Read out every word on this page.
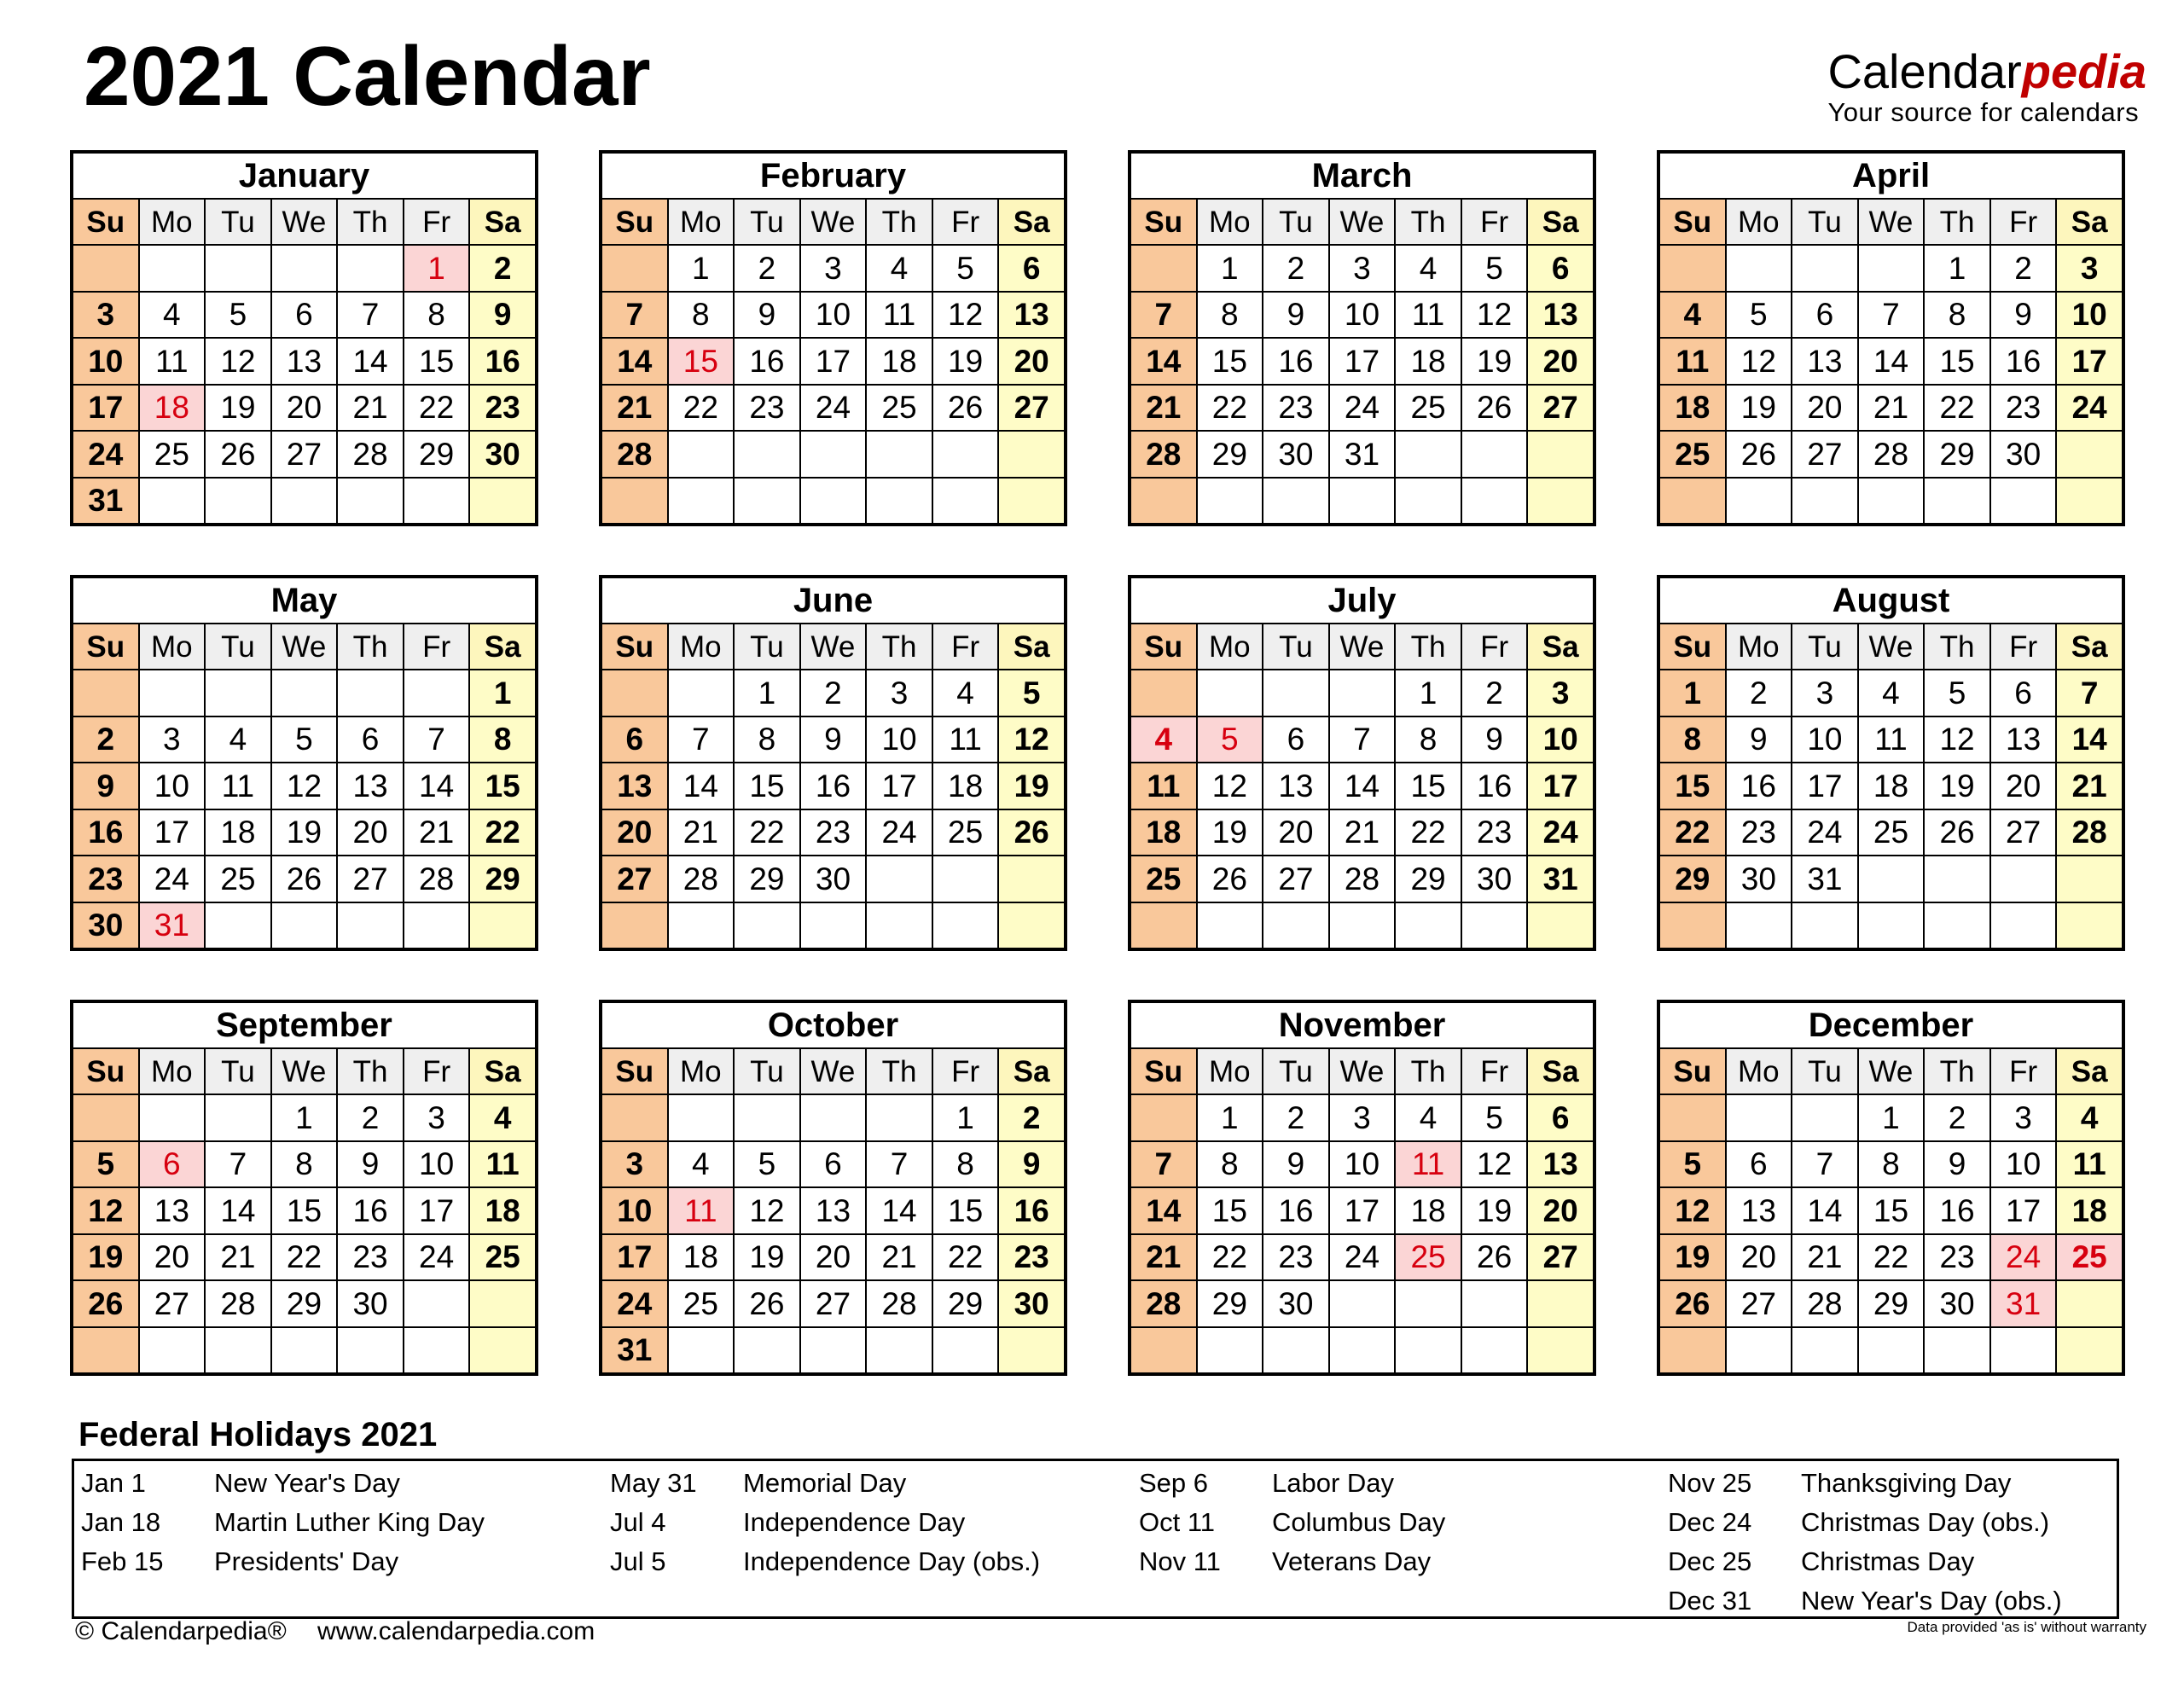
2021 Calendar	Calendarpedia
Your source for calendars
January						
Su	Mo	Tu	We	Th	Fr	Sa
					1	2
3	4	5	6	7	8	9
10	11	12	13	14	15	16
17	18	19	20	21	22	23
24	25	26	27	28	29	30
31						
February						
Su	Mo	Tu	We	Th	Fr	Sa
	1	2	3	4	5	6
7	8	9	10	11	12	13
14	15	16	17	18	19	20
21	22	23	24	25	26	27
28						

March						
Su	Mo	Tu	We	Th	Fr	Sa
	1	2	3	4	5	6
7	8	9	10	11	12	13
14	15	16	17	18	19	20
21	22	23	24	25	26	27
28	29	30	31			

April						
Su	Mo	Tu	We	Th	Fr	Sa
				1	2	3
4	5	6	7	8	9	10
11	12	13	14	15	16	17
18	19	20	21	22	23	24
25	26	27	28	29	30	

May						
Su	Mo	Tu	We	Th	Fr	Sa
						1
2	3	4	5	6	7	8
9	10	11	12	13	14	15
16	17	18	19	20	21	22
23	24	25	26	27	28	29
30	31					
June						
Su	Mo	Tu	We	Th	Fr	Sa
		1	2	3	4	5
6	7	8	9	10	11	12
13	14	15	16	17	18	19
20	21	22	23	24	25	26
27	28	29	30			

July						
Su	Mo	Tu	We	Th	Fr	Sa
				1	2	3
4	5	6	7	8	9	10
11	12	13	14	15	16	17
18	19	20	21	22	23	24
25	26	27	28	29	30	31

August						
Su	Mo	Tu	We	Th	Fr	Sa
1	2	3	4	5	6	7
8	9	10	11	12	13	14
15	16	17	18	19	20	21
22	23	24	25	26	27	28
29	30	31				

September						
Su	Mo	Tu	We	Th	Fr	Sa
			1	2	3	4
5	6	7	8	9	10	11
12	13	14	15	16	17	18
19	20	21	22	23	24	25
26	27	28	29	30		

October						
Su	Mo	Tu	We	Th	Fr	Sa
					1	2
3	4	5	6	7	8	9
10	11	12	13	14	15	16
17	18	19	20	21	22	23
24	25	26	27	28	29	30
31						
November						
Su	Mo	Tu	We	Th	Fr	Sa
	1	2	3	4	5	6
7	8	9	10	11	12	13
14	15	16	17	18	19	20
21	22	23	24	25	26	27
28	29	30				

December						
Su	Mo	Tu	We	Th	Fr	Sa
			1	2	3	4
5	6	7	8	9	10	11
12	13	14	15	16	17	18
19	20	21	22	23	24	25
26	27	28	29	30	31	

Federal Holidays 2021
Jan 1	New Year's Day
Jan 18 Martin Luther King Day
Feb 15 Presidents' Day
May 31 Memorial Day
Jul 4	Independence Day
Jul 5	Independence Day (obs.)
Sep 6 Labor Day
Oct 11 Columbus Day
Nov 11 Veterans Day
Nov 25 Thanksgiving Day
Dec 24 Christmas Day (obs.)
Dec 25 Christmas Day
Dec 31 New Year's Day (obs.)
© Calendarpedia® www.calendarpedia.com	Data provided 'as is' without warranty
